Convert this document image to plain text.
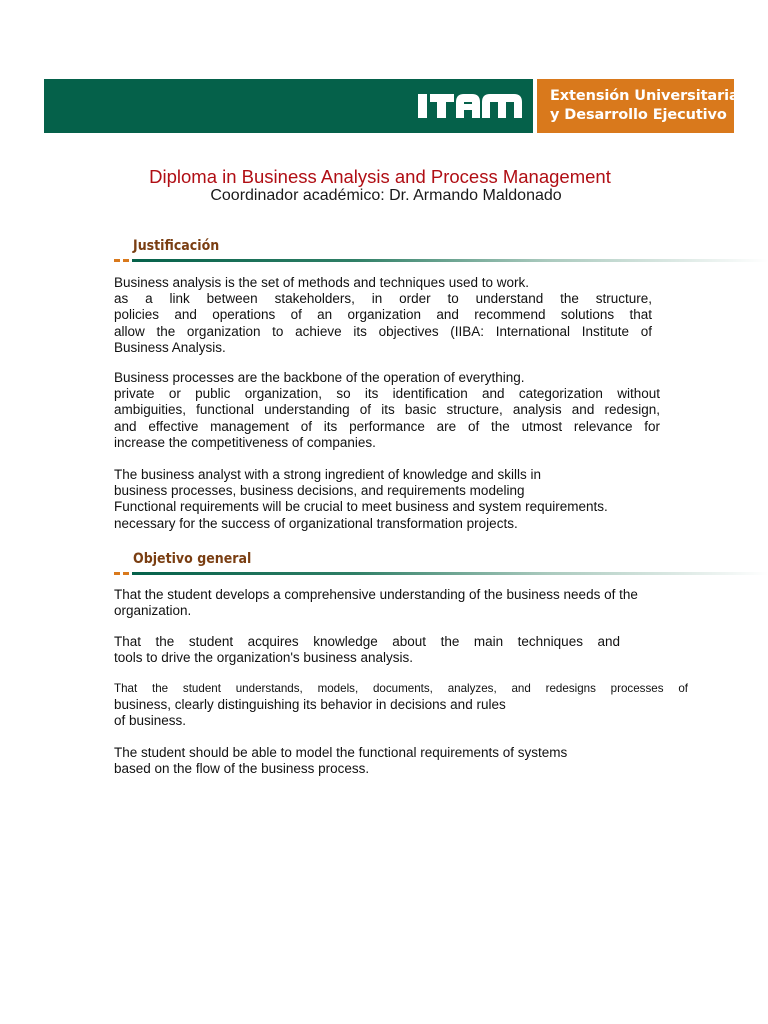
Extensión Universitaria
y Desarrollo Ejecutivo
Diploma in Business Analysis and Process Management
Coordinador académico: Dr. Armando Maldonado
Justificación
Business analysis is the set of methods and techniques used to work.
as a link between stakeholders, in order to understand the structure,
policies and operations of an organization and recommend solutions that
allow the organization to achieve its objectives (IIBA: International Institute of
Business Analysis.
Business processes are the backbone of the operation of everything.
private or public organization, so its identification and categorization without
ambiguities, functional understanding of its basic structure, analysis and redesign,
and effective management of its performance are of the utmost relevance for
increase the competitiveness of companies.
The business analyst with a strong ingredient of knowledge and skills in
business processes, business decisions, and requirements modeling
Functional requirements will be crucial to meet business and system requirements.
necessary for the success of organizational transformation projects.
Objetivo general
That the student develops a comprehensive understanding of the business needs of the
organization.
That the student acquires knowledge about the main techniques and
tools to drive the organization's business analysis.
That the student understands, models, documents, analyzes, and redesigns processes of
business, clearly distinguishing its behavior in decisions and rules
of business.
The student should be able to model the functional requirements of systems
based on the flow of the business process.
